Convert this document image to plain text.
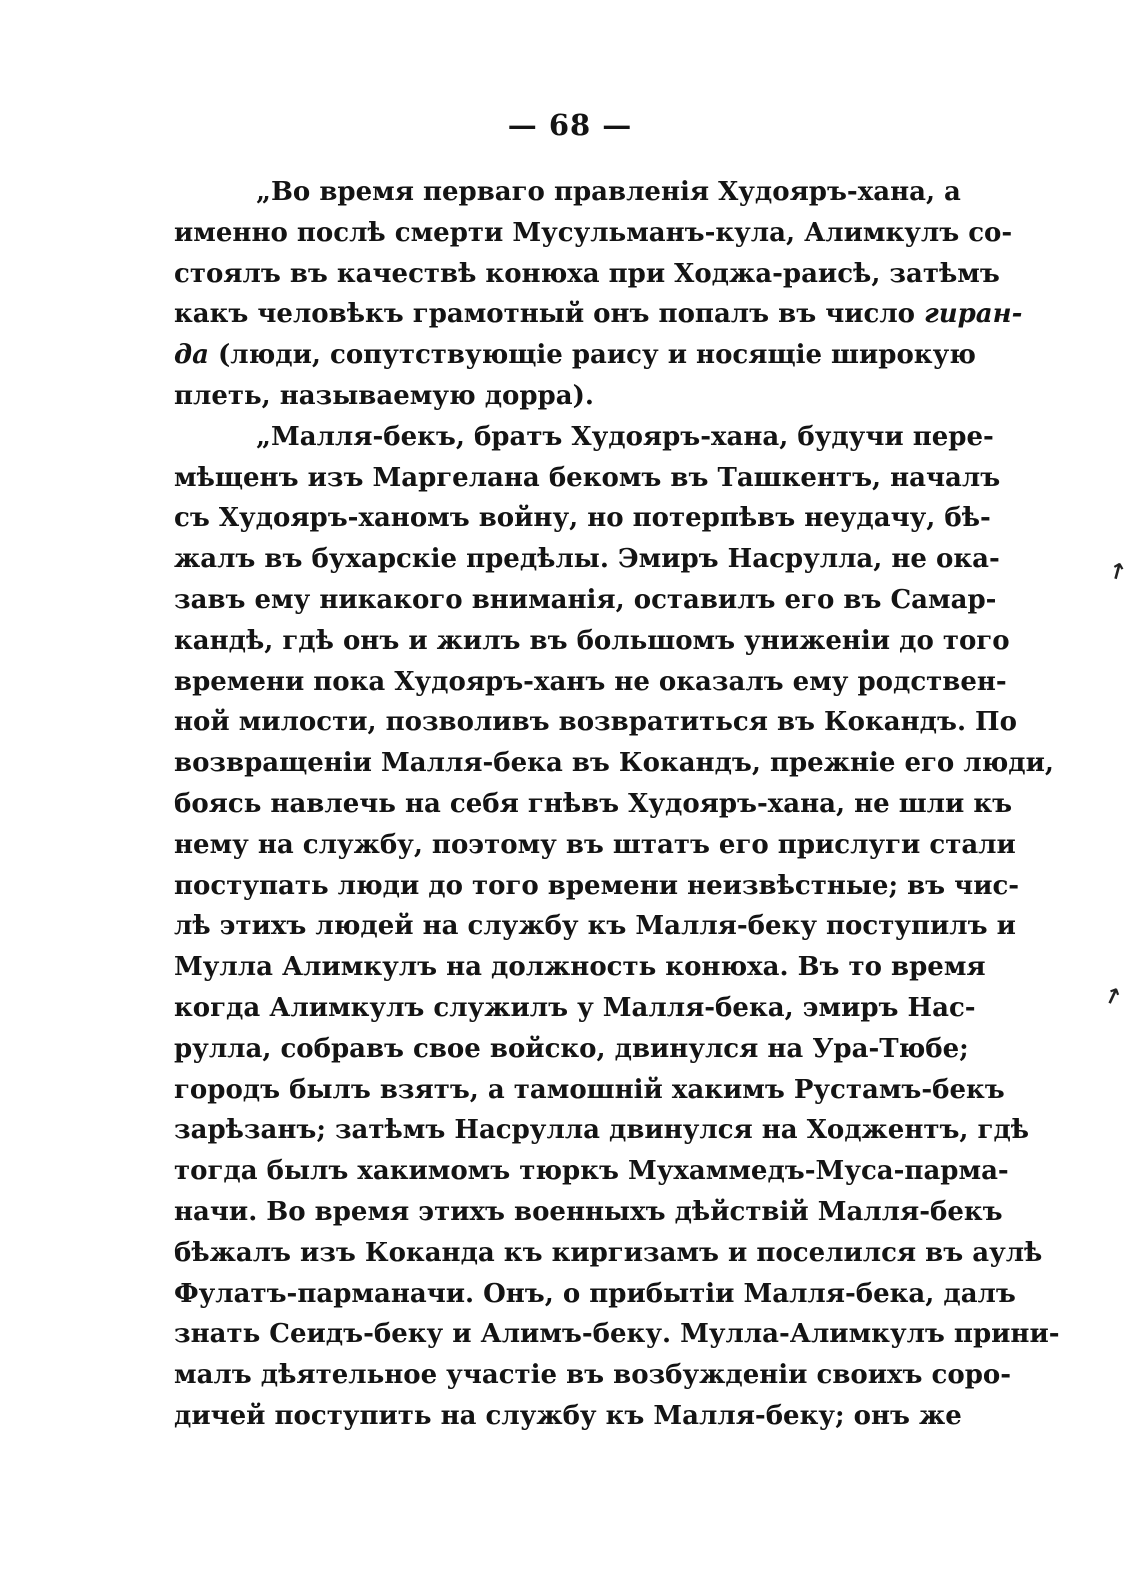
— 68 —

„Во время перваго правленія Худояръ-хана, а
именно послѣ смерти Мусульманъ-кула, Алимкулъ со-
стоялъ въ качествѣ конюха при Ходжа-раисѣ, затѣмъ
какъ человѣкъ грамотный онъ попалъ въ число гиран-
да (люди, сопутствующіе раису и носящіе широкую
плеть, называемую дорра).

„Малля-бекъ, братъ Худояръ-хана, будучи пере-
мѣщенъ изъ Маргелана бекомъ въ Ташкентъ, началъ
съ Худояръ-ханомъ войну, но потерпѣвъ неудачу, бѣ-
жалъ въ бухарскіе предѣлы. Эмиръ Насрулла, не ока-
завъ ему никакого вниманія, оставилъ его въ Самар-
кандѣ, гдѣ онъ и жилъ въ большомъ униженіи до того
времени пока Худояръ-ханъ не оказалъ ему родствен-
ной милости, позволивъ возвратиться въ Кокандъ. По
возвращеніи Малля-бека въ Кокандъ, прежніе его люди,
боясь навлечь на себя гнѣвъ Худояръ-хана, не шли къ
нему на службу, поэтому въ штатъ его прислуги стали
поступать люди до того времени неизвѣстные; въ чис-
лѣ этихъ людей на службу къ Малля-беку поступилъ и
Мулла Алимкулъ на должность конюха. Въ то время
когда Алимкулъ служилъ у Малля-бека, эмиръ Нас-
рулла, собравъ свое войско, двинулся на Ура-Тюбе;
городъ былъ взятъ, а тамошній хакимъ Рустамъ-бекъ
зарѣзанъ; затѣмъ Насрулла двинулся на Ходжентъ, гдѣ
тогда былъ хакимомъ тюркъ Мухаммедъ-Муса-парма-
начи. Во время этихъ военныхъ дѣйствій Малля-бекъ
бѣжалъ изъ Коканда къ киргизамъ и поселился въ аулѣ
Фулатъ-парманачи. Онъ, о прибытіи Малля-бека, далъ
знать Сеидъ-беку и Алимъ-беку. Мулла-Алимкулъ прини-
малъ дѣятельное участіе въ возбужденіи своихъ соро-
дичей поступить на службу къ Малля-беку; онъ же

↑
↗
